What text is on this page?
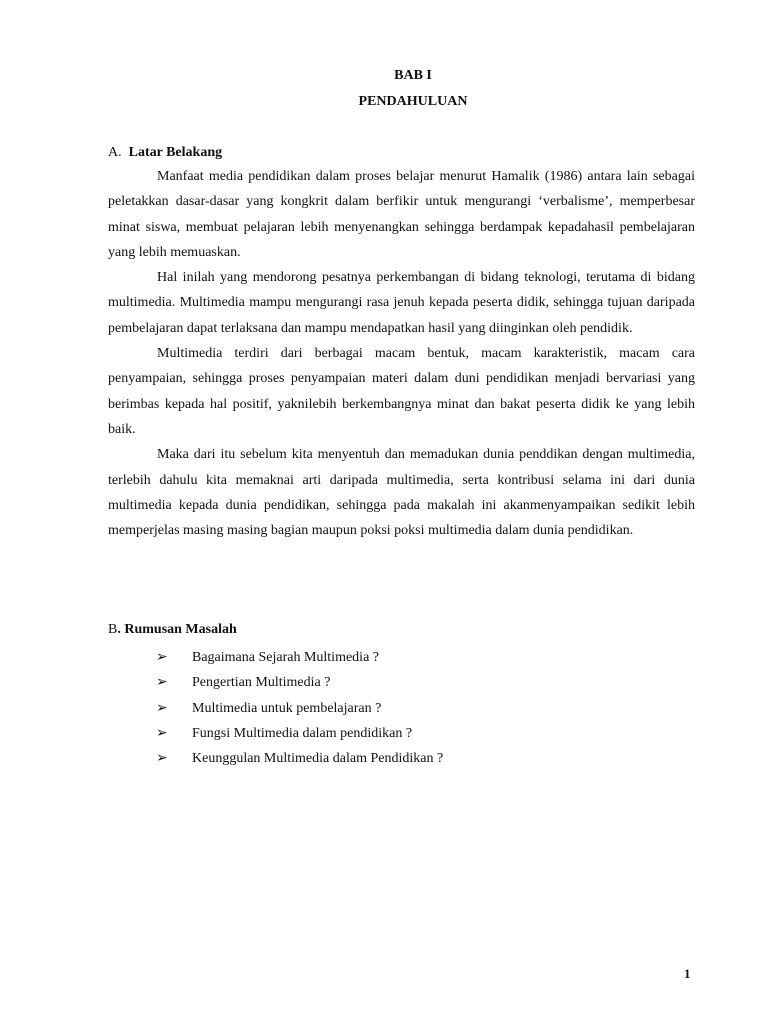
BAB I
PENDAHULUAN
A. Latar Belakang

Manfaat media pendidikan dalam proses belajar menurut Hamalik (1986) antara lain sebagai peletakkan dasar-dasar yang kongkrit dalam berfikir untuk mengurangi ‘verbalisme’, memperbesar minat siswa, membuat pelajaran lebih menyenangkan sehingga berdampak kepadahasil pembelajaran yang lebih memuaskan.

Hal inilah yang mendorong pesatnya perkembangan di bidang teknologi, terutama di bidang multimedia. Multimedia mampu mengurangi rasa jenuh kepada peserta didik, sehingga tujuan daripada pembelajaran dapat terlaksana dan mampu mendapatkan hasil yang diinginkan oleh pendidik.

Multimedia terdiri dari berbagai macam bentuk, macam karakteristik, macam cara penyampaian, sehingga proses penyampaian materi dalam duni pendidikan menjadi bervariasi yang berimbas kepada hal positif, yaknilebih berkembangnya minat dan bakat peserta didik ke yang lebih baik.

Maka dari itu sebelum kita menyentuh dan memadukan dunia penddikan dengan multimedia, terlebih dahulu kita memaknai arti daripada multimedia, serta kontribusi selama ini dari dunia multimedia kepada dunia pendidikan, sehingga pada makalah ini akanmenyampaikan sedikit lebih memperjelas masing masing bagian maupun poksi poksi multimedia dalam dunia pendidikan.

B. Rumusan Masalah
➢	Bagaimana Sejarah Multimedia ?
➢	Pengertian Multimedia ?
➢	Multimedia untuk pembelajaran ?
➢	Fungsi Multimedia dalam pendidikan ?
➢	Keunggulan Multimedia dalam Pendidikan ?
1
